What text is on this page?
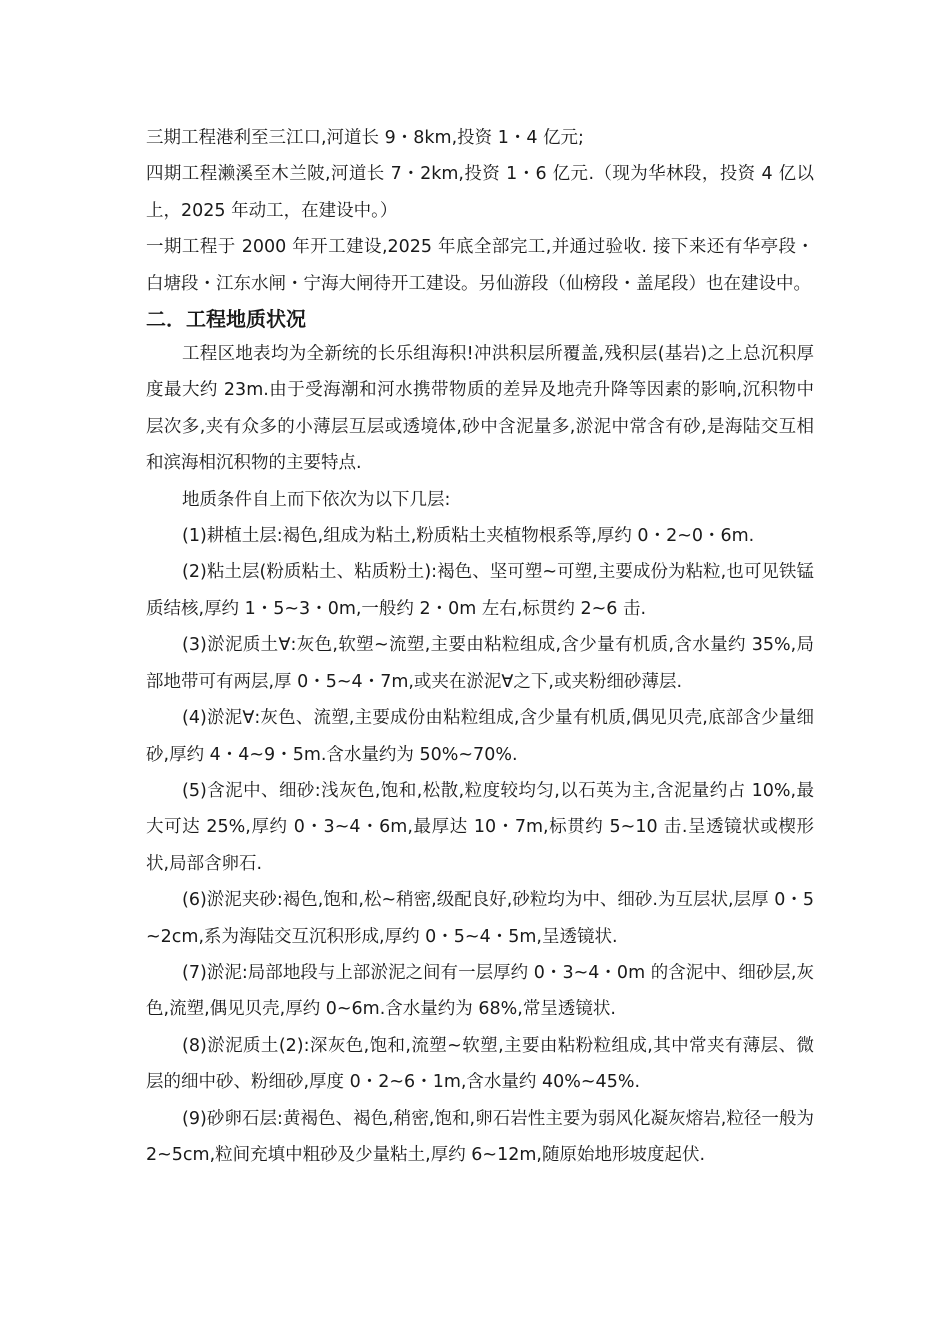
三期工程港利至三江口,河道长 9・8km,投资 1・4 亿元;

四期工程濑溪至木兰陂,河道长 7・2km,投资 1・6 亿元.（现为华林段，投资 4 亿以上，2025 年动工，在建设中。）

一期工程于 2000 年开工建设,2025 年底全部完工,并通过验收. 接下来还有华亭段・白塘段・江东水闸・宁海大闸待开工建设。另仙游段（仙榜段・盖尾段）也在建设中。

二．工程地质状况

工程区地表均为全新统的长乐组海积!冲洪积层所覆盖,残积层(基岩)之上总沉积厚度最大约 23m.由于受海潮和河水携带物质的差异及地壳升降等因素的影响,沉积物中层次多,夹有众多的小薄层互层或透境体,砂中含泥量多,淤泥中常含有砂,是海陆交互相和滨海相沉积物的主要特点.

地质条件自上而下依次为以下几层:

(1)耕植土层:褐色,组成为粘土,粉质粘土夹植物根系等,厚约 0・2~0・6m.

(2)粘土层(粉质粘土、粘质粉土):褐色、坚可塑~可塑,主要成份为粘粒,也可见铁锰质结核,厚约 1・5~3・0m,一般约 2・0m 左右,标贯约 2~6 击.

(3)淤泥质土∀:灰色,软塑~流塑,主要由粘粒组成,含少量有机质,含水量约 35%,局部地带可有两层,厚 0・5~4・7m,或夹在淤泥∀之下,或夹粉细砂薄层.

(4)淤泥∀:灰色、流塑,主要成份由粘粒组成,含少量有机质,偶见贝壳,底部含少量细砂,厚约 4・4~9・5m.含水量约为 50%~70%.

(5)含泥中、细砂:浅灰色,饱和,松散,粒度较均匀,以石英为主,含泥量约占 10%,最大可达 25%,厚约 0・3~4・6m,最厚达 10・7m,标贯约 5~10 击.呈透镜状或楔形状,局部含卵石.

(6)淤泥夹砂:褐色,饱和,松~稍密,级配良好,砂粒均为中、细砂.为互层状,层厚 0・5~2cm,系为海陆交互沉积形成,厚约 0・5~4・5m,呈透镜状.

(7)淤泥:局部地段与上部淤泥之间有一层厚约 0・3~4・0m 的含泥中、细砂层,灰色,流塑,偶见贝壳,厚约 0~6m.含水量约为 68%,常呈透镜状.

(8)淤泥质土(2):深灰色,饱和,流塑~软塑,主要由粘粉粒组成,其中常夹有薄层、微层的细中砂、粉细砂,厚度 0・2~6・1m,含水量约 40%~45%.

(9)砂卵石层:黄褐色、褐色,稍密,饱和,卵石岩性主要为弱风化凝灰熔岩,粒径一般为 2~5cm,粒间充填中粗砂及少量粘土,厚约 6~12m,随原始地形坡度起伏.
